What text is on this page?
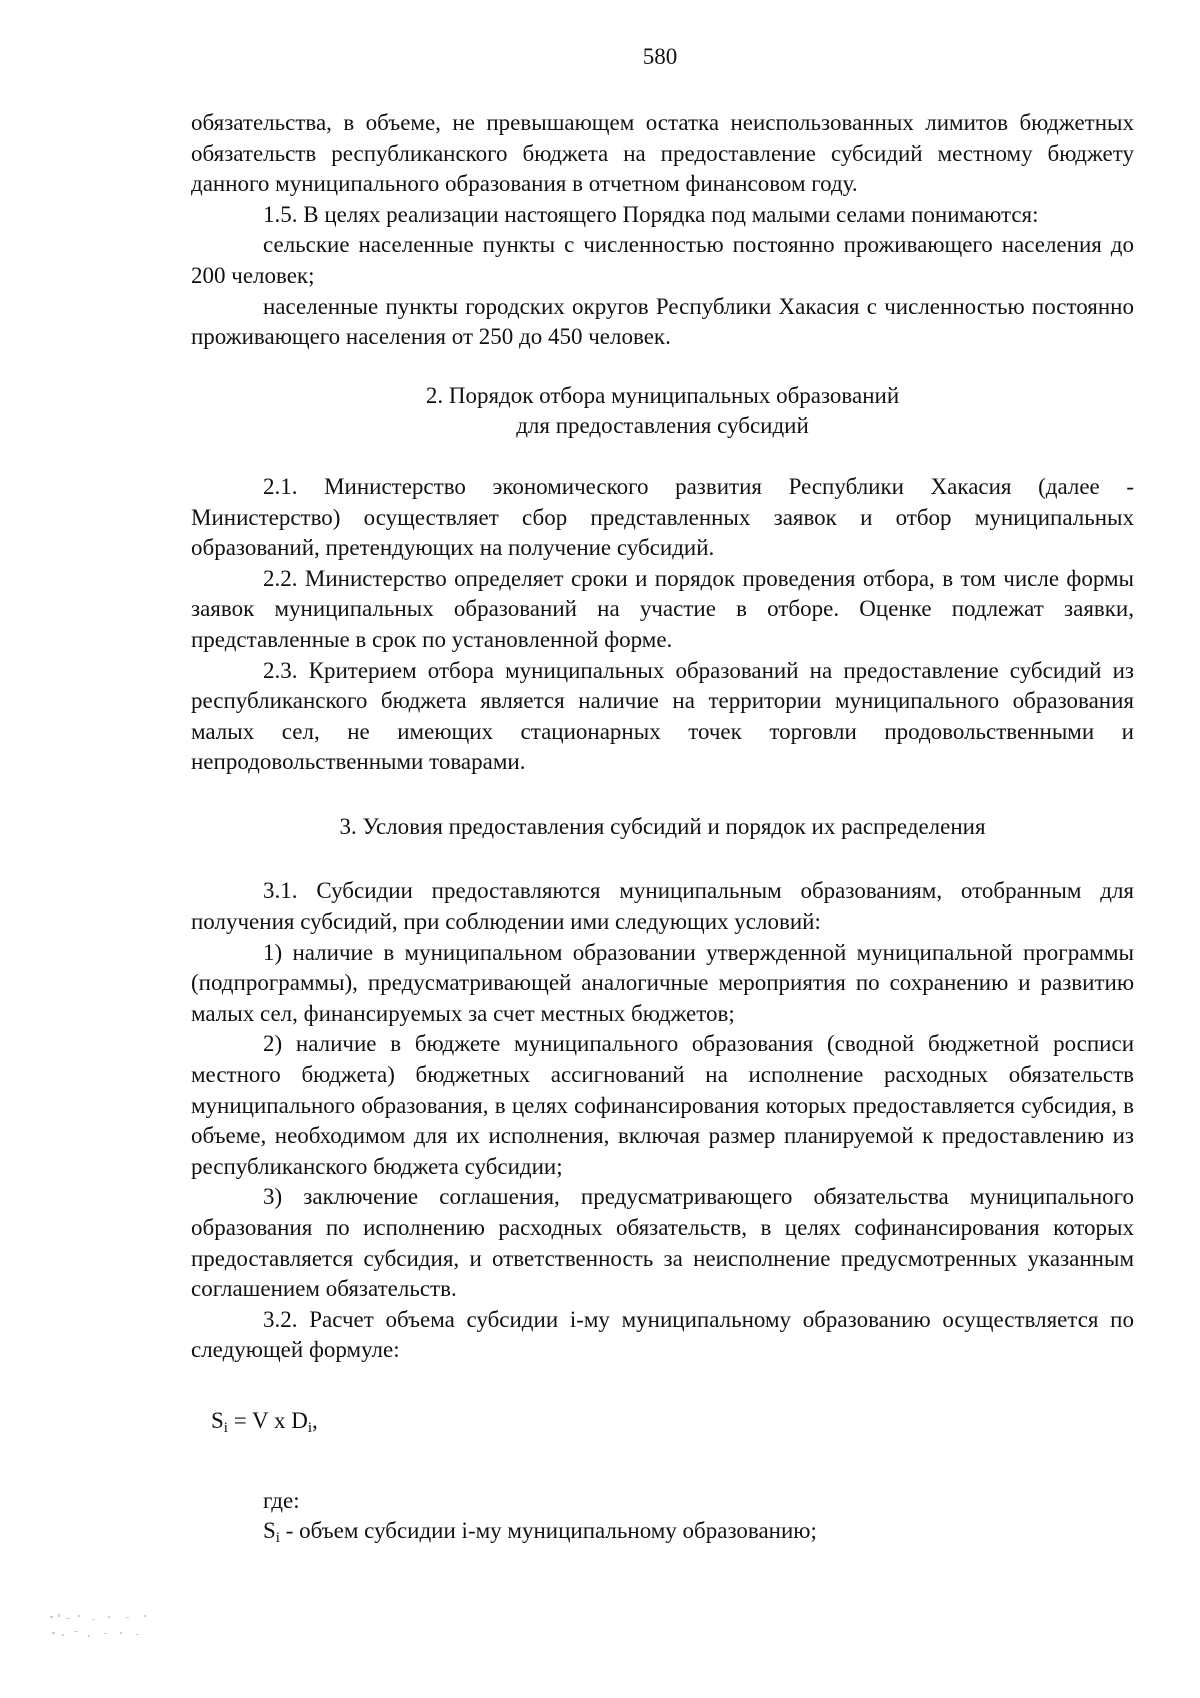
580

обязательства, в объеме, не превышающем остатка неиспользованных лимитов бюджетных обязательств республиканского бюджета на предоставление субсидий местному бюджету данного муниципального образования в отчетном финансовом году.

1.5. В целях реализации настоящего Порядка под малыми селами понимаются:

сельские населенные пункты с численностью постоянно проживающего населения до 200 человек;

населенные пункты городских округов Республики Хакасия с численностью постоянно проживающего населения от 250 до 450 человек.

2. Порядок отбора муниципальных образований
для предоставления субсидий

2.1. Министерство экономического развития Республики Хакасия (далее - Министерство) осуществляет сбор представленных заявок и отбор муниципальных образований, претендующих на получение субсидий.

2.2. Министерство определяет сроки и порядок проведения отбора, в том числе формы заявок муниципальных образований на участие в отборе. Оценке подлежат заявки, представленные в срок по установленной форме.

2.3. Критерием отбора муниципальных образований на предоставление субсидий из республиканского бюджета является наличие на территории муниципального образования малых сел, не имеющих стационарных точек торговли продовольственными и непродовольственными товарами.

3. Условия предоставления субсидий и порядок их распределения

3.1. Субсидии предоставляются муниципальным образованиям, отобранным для получения субсидий, при соблюдении ими следующих условий:

1) наличие в муниципальном образовании утвержденной муниципальной программы (подпрограммы), предусматривающей аналогичные мероприятия по сохранению и развитию малых сел, финансируемых за счет местных бюджетов;

2) наличие в бюджете муниципального образования (сводной бюджетной росписи местного бюджета) бюджетных ассигнований на исполнение расходных обязательств муниципального образования, в целях софинансирования которых предоставляется субсидия, в объеме, необходимом для их исполнения, включая размер планируемой к предоставлению из республиканского бюджета субсидии;

3) заключение соглашения, предусматривающего обязательства муниципального образования по исполнению расходных обязательств, в целях софинансирования которых предоставляется субсидия, и ответственность за неисполнение предусмотренных указанным соглашением обязательств.

3.2. Расчет объема субсидии i-му муниципальному образованию осуществляется по следующей формуле:

$S_i = V$ x $D_i$,

где:

$S_i$ - объем субсидии i-му муниципальному образованию;
